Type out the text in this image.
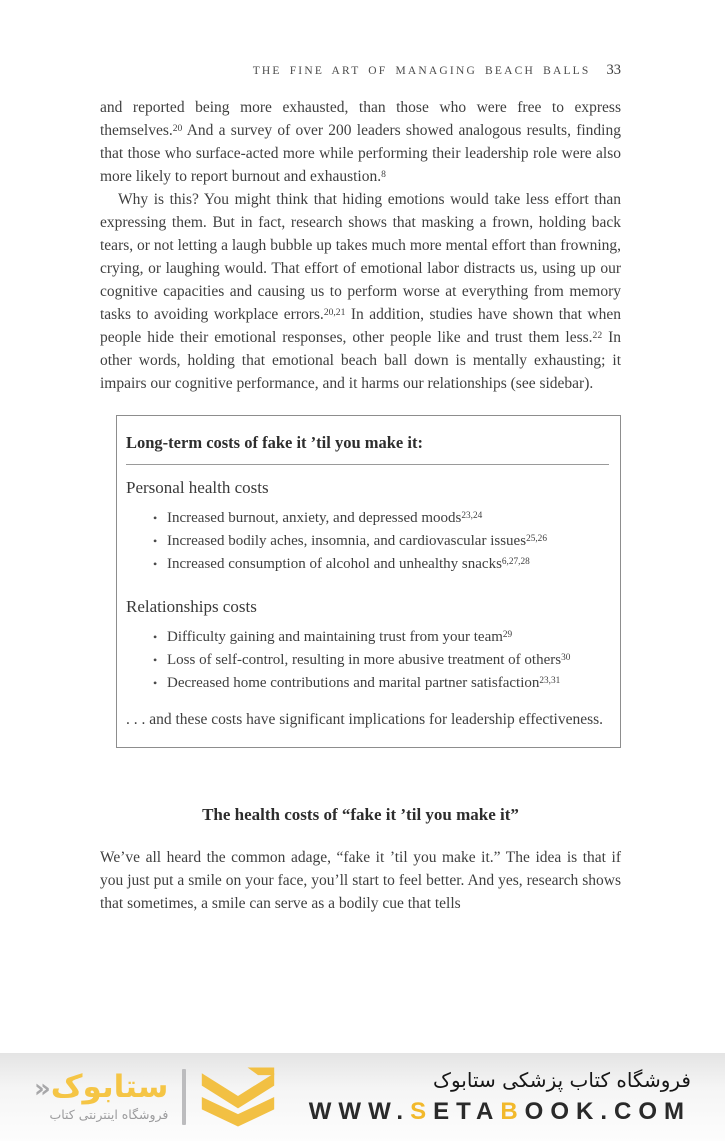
THE FINE ART OF MANAGING BEACH BALLS 33

and reported being more exhausted, than those who were free to express themselves.$^{20}$ And a survey of over 200 leaders showed analogous results, finding that those who surface-acted more while performing their leadership role were also more likely to report burnout and exhaustion.$^8$

Why is this? You might think that hiding emotions would take less effort than expressing them. But in fact, research shows that masking a frown, holding back tears, or not letting a laugh bubble up takes much more mental effort than frowning, crying, or laughing would. That effort of emotional labor distracts us, using up our cognitive capacities and causing us to perform worse at everything from memory tasks to avoiding workplace errors.$^{20,21}$ In addition, studies have shown that when people hide their emotional responses, other people like and trust them less.$^{22}$ In other words, holding that emotional beach ball down is mentally exhausting; it impairs our cognitive performance, and it harms our relationships (see sidebar).

Long-term costs of fake it ’til you make it:

Personal health costs

•
Increased burnout, anxiety, and depressed moods$^{23,24}$
•
Increased bodily aches, insomnia, and cardiovascular issues$^{25,26}$
•
Increased consumption of alcohol and unhealthy snacks$^{6,27,28}$

Relationships costs

•
Difficulty gaining and maintaining trust from your team$^{29}$
•
Loss of self-control, resulting in more abusive treatment of others$^{30}$
•
Decreased home contributions and marital partner satisfaction$^{23,31}$

. . . and these costs have significant implications for leadership effectiveness.

The health costs of “fake it ’til you make it”

We’ve all heard the common adage, “fake it ’til you make it.” The idea is that if you just put a smile on your face, you’ll start to feel better. And yes, research shows that sometimes, a smile can serve as a bodily cue that tells

ستابوک«
فروشگاه اینترنتی کتاب
فروشگاه کتاب پزشکی ستابوک
WWW.SETABOOK.COM
